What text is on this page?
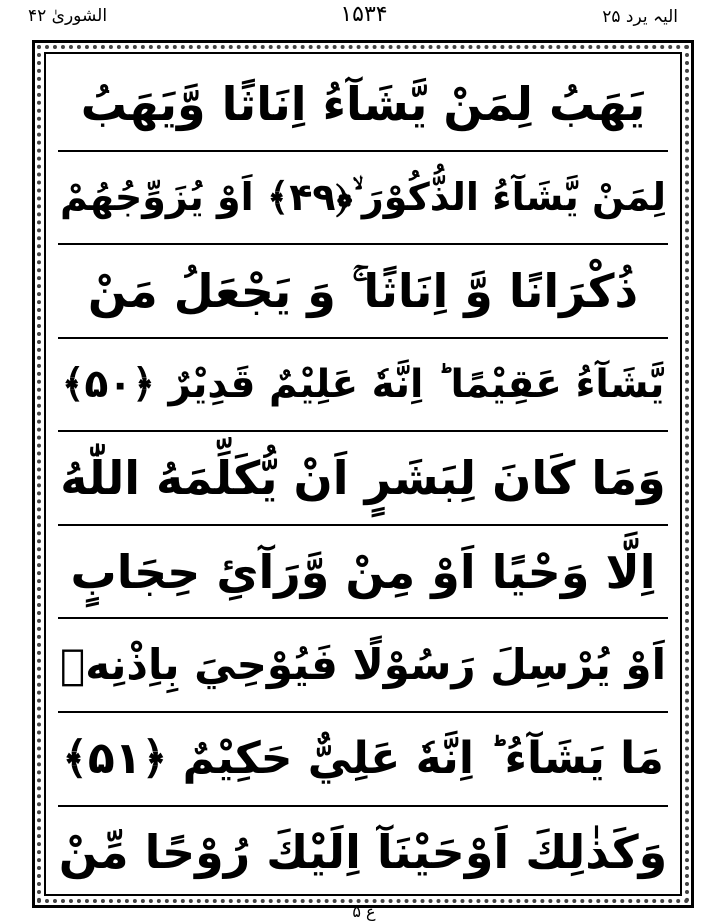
الشوریٰ ۴۲	۱۵۳۴	الیہ یرد ۲۵
يَهَبُ لِمَنْ يَّشَآءُ اِنَاثًا وَّيَهَبُ
لِمَنْ يَّشَآءُ الذُّكُوْرَ ۙ﴿۴۹﴾ اَوْ يُزَوِّجُهُمْ
ذُكْرَانًا وَّ اِنَاثًا ۚ وَ يَجْعَلُ مَنْ
يَّشَآءُ عَقِيْمًا ؕ اِنَّهٗ عَلِيْمٌ قَدِيْرٌ ﴿۵۰﴾
وَمَا كَانَ لِبَشَرٍ اَنْ يُّكَلِّمَهُ اللّٰهُ
اِلَّا وَحْيًا اَوْ مِنْ وَّرَآئِ حِجَابٍ
اَوْ يُرْسِلَ رَسُوْلًا فَيُوْحِيَ بِاِذْنِهٖ
مَا يَشَآءُ ؕ اِنَّهٗ عَلِيٌّ حَكِيْمٌ ﴿۵۱﴾
وَكَذٰلِكَ اَوْحَيْنَآ اِلَيْكَ رُوْحًا مِّنْ
ع ۵
